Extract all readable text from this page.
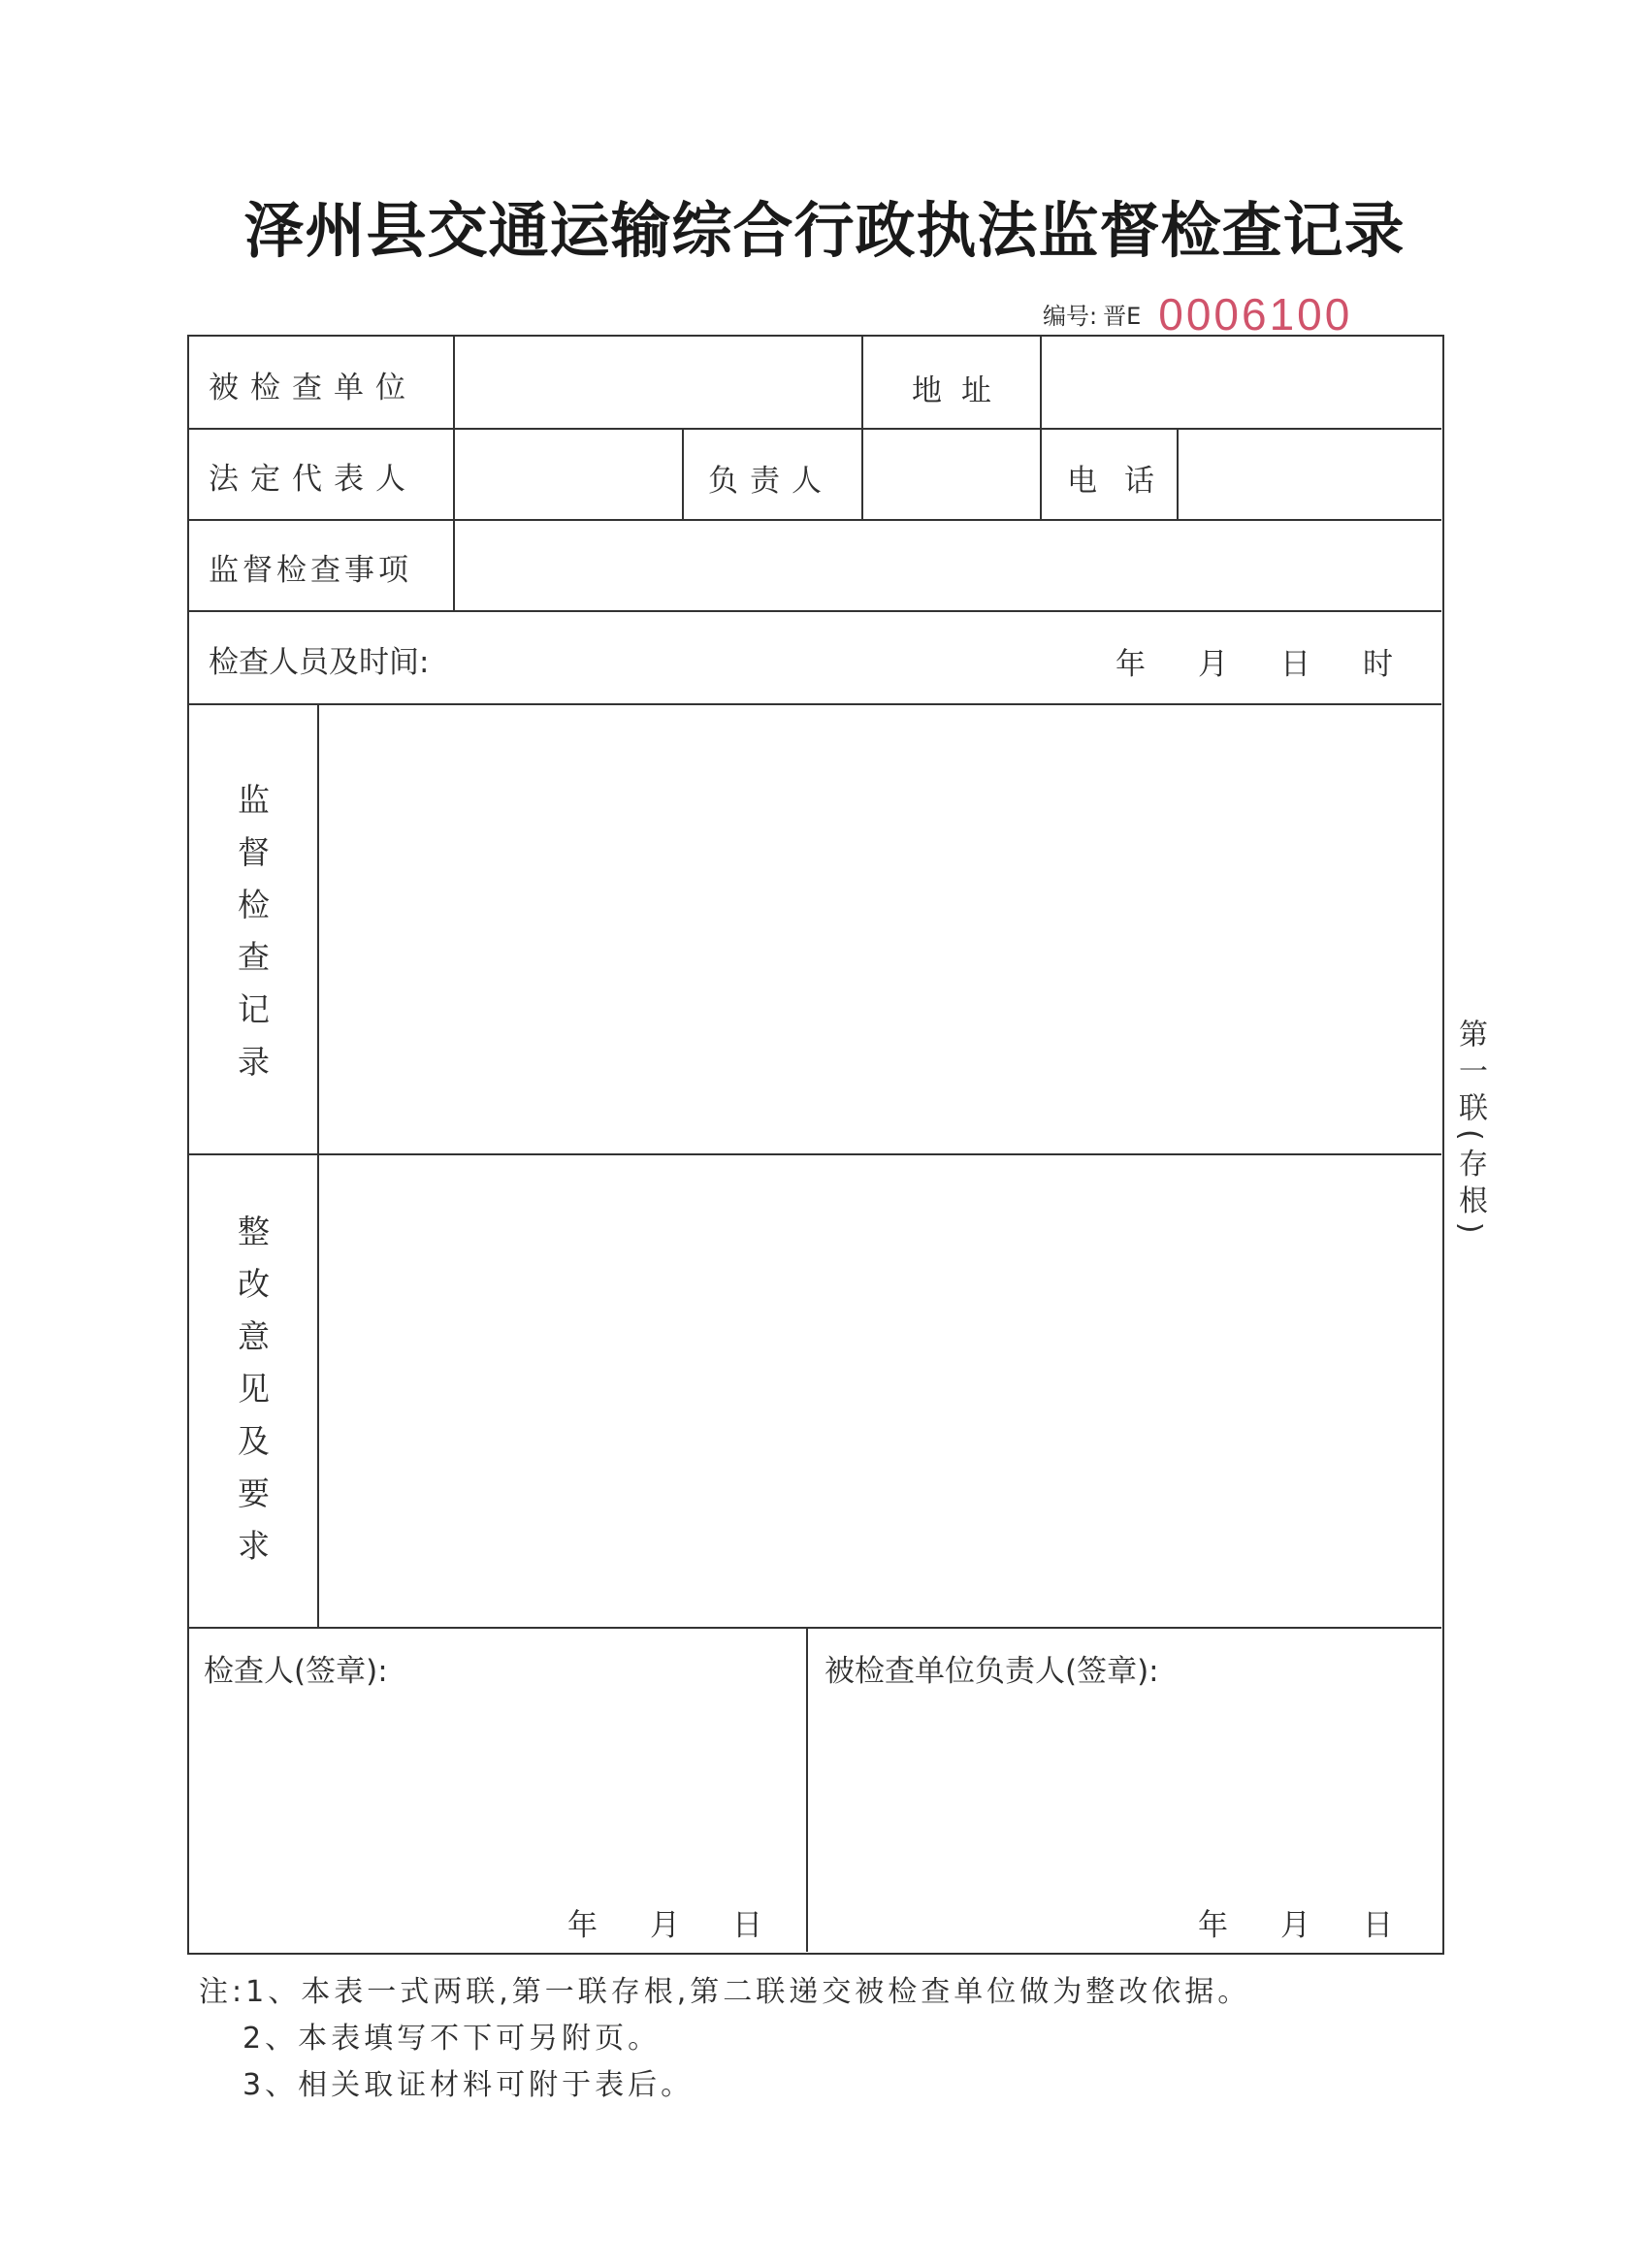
泽州县交通运输综合行政执法监督检查记录
编号: 晋E 0006100
被检查单位	地址
法定代表人	负责人	电话
监督检查事项
检查人员及时间:	年 月 日 时
监督检查记录
整改意见及要求
检查人(签章):
年 月 日
被检查单位负责人(签章):
年 月 日
第一联(存根)
注:1、本表一式两联,第一联存根,第二联递交被检查单位做为整改依据。
2、本表填写不下可另附页。
3、相关取证材料可附于表后。
